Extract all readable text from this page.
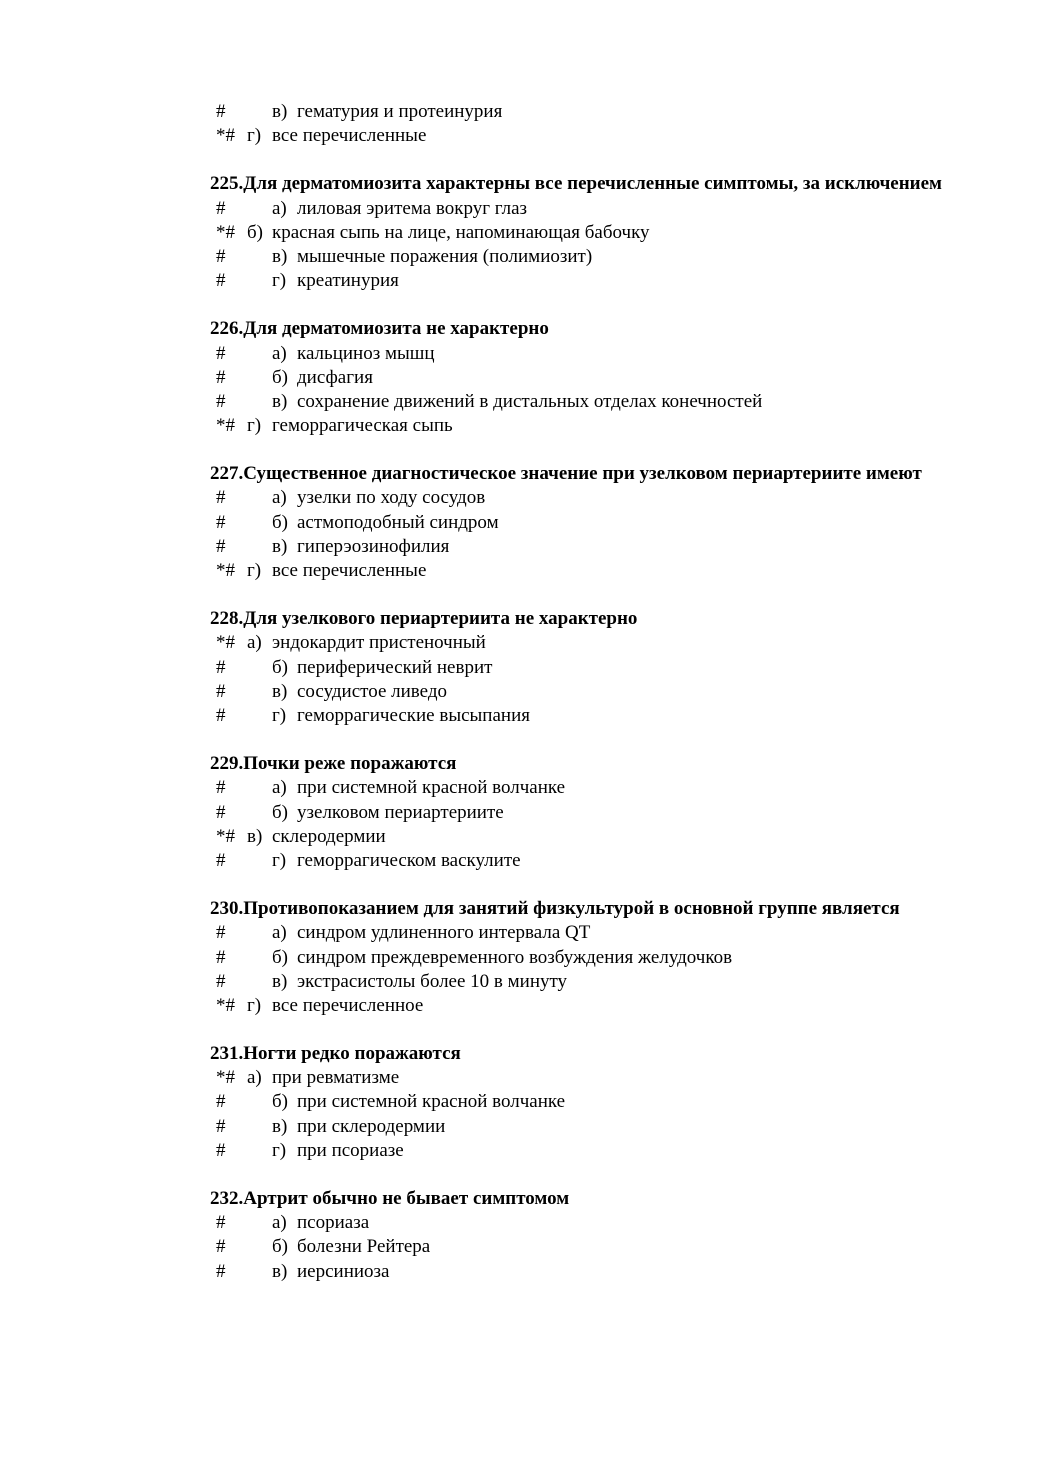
# в) гематурия и протеинурия
*# г) все перечисленные
225.Для дерматомиозита характерны все перечисленные симптомы, за исключением
# а) лиловая эритема вокруг глаз
*# б) красная сыпь на лице, напоминающая бабочку
# в) мышечные поражения (полимиозит)
# г) креатинурия
226.Для дерматомиозита не характерно
# а) кальциноз мышц
# б) дисфагия
# в) сохранение движений в дистальных отделах конечностей
*# г) геморрагическая сыпь
227.Существенное диагностическое значение при узелковом периартериите имеют
# а) узелки по ходу сосудов
# б) астмоподобный синдром
# в) гиперэозинофилия
*# г) все перечисленные
228.Для узелкового периартериита не характерно
*# а) эндокардит пристеночный
# б) периферический неврит
# в) сосудистое ливедо
# г) геморрагические высыпания
229.Почки реже поражаются
# а) при системной красной волчанке
# б) узелковом периартериите
*# в) склеродермии
# г) геморрагическом васкулите
230.Противопоказанием для занятий физкультурой в основной группе является
# а) синдром удлиненного интервала QT
# б) синдром преждевременного возбуждения желудочков
# в) экстрасистолы более 10 в минуту
*# г) все перечисленное
231.Ногти редко поражаются
*# а) при ревматизме
# б) при системной красной волчанке
# в) при склеродермии
# г) при псориазе
232.Артрит обычно не бывает симптомом
# а) псориаза
# б) болезни Рейтера
# в) иерсиниоза
